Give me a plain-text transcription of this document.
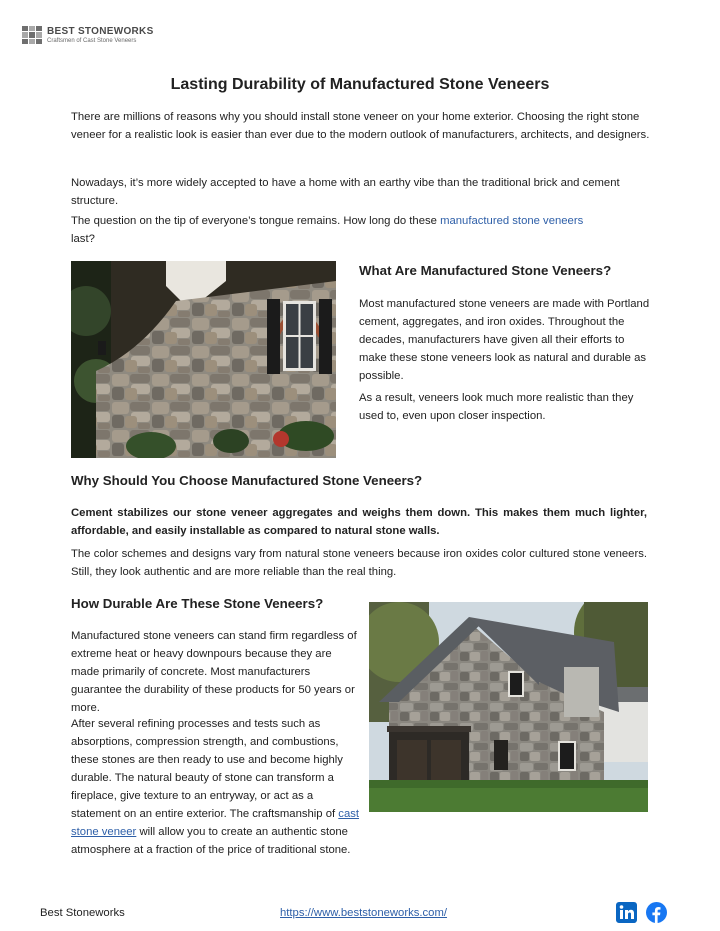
BEST STONEWORKS
Craftsmen of Cast Stone Veneers
Lasting Durability of Manufactured Stone Veneers

There are millions of reasons why you should install stone veneer on your home exterior. Choosing the right stone veneer for a realistic look is easier than ever due to the modern outlook of manufacturers, architects, and designers.

Nowadays, it’s more widely accepted to have a home with an earthy vibe than the traditional brick and cement structure.

The question on the tip of everyone’s tongue remains. How long do these manufactured stone veneers

last?

What Are Manufactured Stone Veneers?

Most manufactured stone veneers are made with Portland cement, aggregates, and iron oxides. Throughout the decades, manufacturers have given all their efforts to make these stone veneers look as natural and durable as possible.

As a result, veneers look much more realistic than they used to, even upon closer inspection.

Why Should You Choose Manufactured Stone Veneers?

Cement stabilizes our stone veneer aggregates and weighs them down. This makes them much lighter, affordable, and easily installable as compared to natural stone walls.

The color schemes and designs vary from natural stone veneers because iron oxides color cultured stone veneers. Still, they look authentic and are more reliable than the real thing.

How Durable Are These Stone Veneers?

Manufactured stone veneers can stand firm regardless of extreme heat or heavy downpours because they are made primarily of concrete. Most manufacturers guarantee the durability of these products for 50 years or more.

After several refining processes and tests such as absorptions, compression strength, and combustions, these stones are then ready to use and become highly durable. The natural beauty of stone can transform a fireplace, give texture to an entryway, or act as a statement on an entire exterior. The craftsmanship of cast stone veneer will allow you to create an authentic stone atmosphere at a fraction of the price of traditional stone.

Best Stoneworks	https://www.beststoneworks.com/
